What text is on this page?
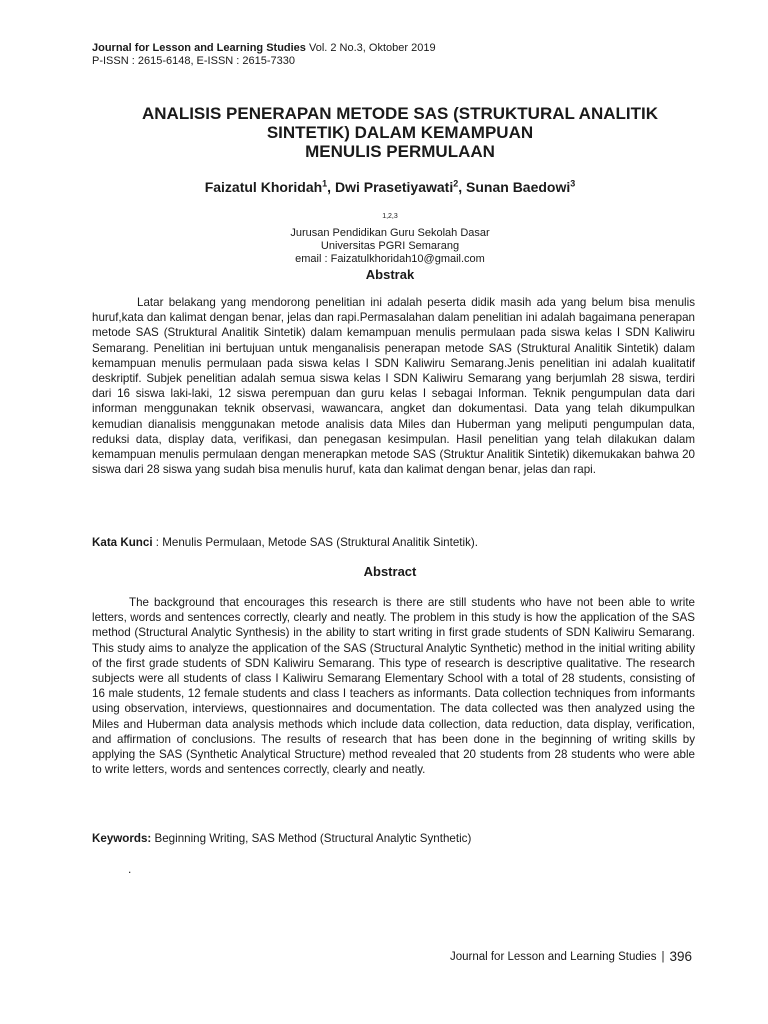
Journal for Lesson and Learning Studies Vol. 2 No.3, Oktober 2019
P-ISSN : 2615-6148, E-ISSN : 2615-7330
ANALISIS PENERAPAN METODE SAS (STRUKTURAL ANALITIK
SINTETIK) DALAM KEMAMPUAN
MENULIS PERMULAAN
Faizatul Khoridah$^1$, Dwi Prasetiyawati$^2$, Sunan Baedowi$^3$
$^{1,2,3}$
Jurusan Pendidikan Guru Sekolah Dasar
Universitas PGRI Semarang
email : Faizatulkhoridah10@gmail.com
Abstrak

Latar belakang yang mendorong penelitian ini adalah peserta didik masih ada yang belum bisa menulis huruf,kata dan kalimat dengan benar, jelas dan rapi.Permasalahan dalam penelitian ini adalah bagaimana penerapan metode SAS (Struktural Analitik Sintetik) dalam kemampuan menulis permulaan pada siswa kelas I SDN Kaliwiru Semarang. Penelitian ini bertujuan untuk menganalisis penerapan metode SAS (Struktural Analitik Sintetik) dalam kemampuan menulis permulaan pada siswa kelas I SDN Kaliwiru Semarang.Jenis penelitian ini adalah kualitatif deskriptif. Subjek penelitian adalah semua siswa kelas I SDN Kaliwiru Semarang yang berjumlah 28 siswa, terdiri dari 16 siswa laki-laki, 12 siswa perempuan dan guru kelas I sebagai Informan. Teknik pengumpulan data dari informan menggunakan teknik observasi, wawancara, angket dan dokumentasi. Data yang telah dikumpulkan kemudian dianalisis menggunakan metode analisis data Miles dan Huberman yang meliputi pengumpulan data, reduksi data, display data, verifikasi, dan penegasan kesimpulan. Hasil penelitian yang telah dilakukan dalam kemampuan menulis permulaan dengan menerapkan metode SAS (Struktur Analitik Sintetik) dikemukakan bahwa 20 siswa dari 28 siswa yang sudah bisa menulis huruf, kata dan kalimat dengan benar, jelas dan rapi.

Kata Kunci : Menulis Permulaan, Metode SAS (Struktural Analitik Sintetik).
Abstract

The background that encourages this research is there are still students who have not been able to write letters, words and sentences correctly, clearly and neatly. The problem in this study is how the application of the SAS method (Structural Analytic Synthesis) in the ability to start writing in first grade students of SDN Kaliwiru Semarang. This study aims to analyze the application of the SAS (Structural Analytic Synthetic) method in the initial writing ability of the first grade students of SDN Kaliwiru Semarang. This type of research is descriptive qualitative. The research subjects were all students of class I Kaliwiru Semarang Elementary School with a total of 28 students, consisting of 16 male students, 12 female students and class I teachers as informants. Data collection techniques from informants using observation, interviews, questionnaires and documentation. The data collected was then analyzed using the Miles and Huberman data analysis methods which include data collection, data reduction, data display, verification, and affirmation of conclusions. The results of research that has been done in the beginning of writing skills by applying the SAS (Synthetic Analytical Structure) method revealed that 20 students from 28 students who were able to write letters, words and sentences correctly, clearly and neatly.

Keywords: Beginning Writing, SAS Method (Structural Analytic Synthetic)
.
Journal for Lesson and Learning Studies | 396
